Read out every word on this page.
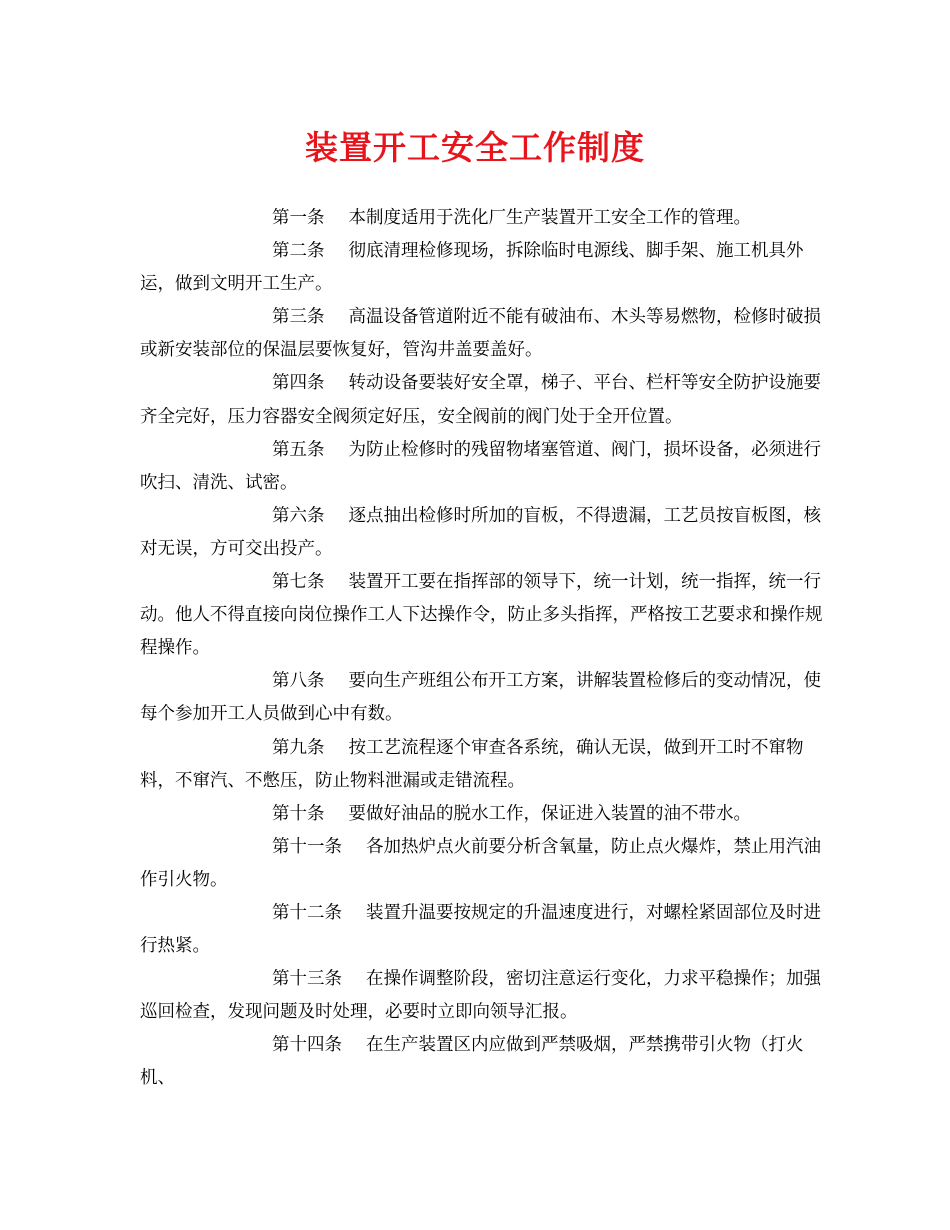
装置开工安全工作制度

第一条 本制度适用于洗化厂生产装置开工安全工作的管理。

第二条 彻底清理检修现场，拆除临时电源线、脚手架、施工机具外运，做到文明开工生产。

第三条 高温设备管道附近不能有破油布、木头等易燃物，检修时破损或新安装部位的保温层要恢复好，管沟井盖要盖好。

第四条 转动设备要装好安全罩，梯子、平台、栏杆等安全防护设施要齐全完好，压力容器安全阀须定好压，安全阀前的阀门处于全开位置。

第五条 为防止检修时的残留物堵塞管道、阀门，损坏设备，必须进行吹扫、清洗、试密。

第六条 逐点抽出检修时所加的盲板，不得遗漏，工艺员按盲板图，核对无误，方可交出投产。

第七条 装置开工要在指挥部的领导下，统一计划，统一指挥，统一行动。他人不得直接向岗位操作工人下达操作令，防止多头指挥，严格按工艺要求和操作规程操作。

第八条 要向生产班组公布开工方案，讲解装置检修后的变动情况，使每个参加开工人员做到心中有数。

第九条 按工艺流程逐个审查各系统，确认无误，做到开工时不窜物料，不窜汽、不憋压，防止物料泄漏或走错流程。

第十条 要做好油品的脱水工作，保证进入装置的油不带水。

第十一条 各加热炉点火前要分析含氧量，防止点火爆炸，禁止用汽油作引火物。

第十二条 装置升温要按规定的升温速度进行，对螺栓紧固部位及时进行热紧。

第十三条 在操作调整阶段，密切注意运行变化，力求平稳操作；加强巡回检查，发现问题及时处理，必要时立即向领导汇报。

第十四条 在生产装置区内应做到严禁吸烟，严禁携带引火物（打火机、
